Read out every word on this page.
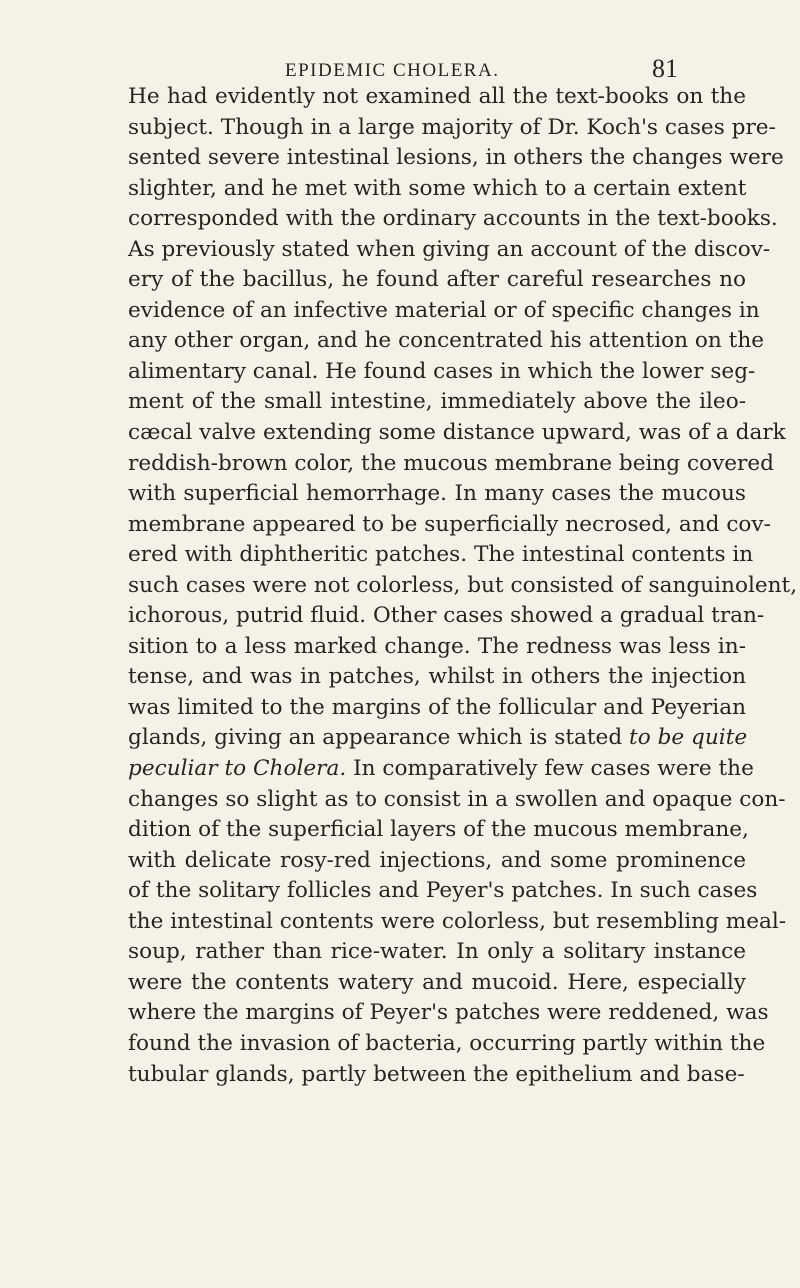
EPIDEMIC CHOLERA.	81
He had evidently not examined all the text-books on the
subject. Though in a large majority of Dr. Koch's cases pre-
sented severe intestinal lesions, in others the changes were
slighter, and he met with some which to a certain extent
corresponded with the ordinary accounts in the text-books.
As previously stated when giving an account of the discov-
ery of the bacillus, he found after careful researches no
evidence of an infective material or of specific changes in
any other organ, and he concentrated his attention on the
alimentary canal. He found cases in which the lower seg-
ment of the small intestine, immediately above the ileo-
cæcal valve extending some distance upward, was of a dark
reddish-brown color, the mucous membrane being covered
with superficial hemorrhage. In many cases the mucous
membrane appeared to be superficially necrosed, and cov-
ered with diphtheritic patches. The intestinal contents in
such cases were not colorless, but consisted of sanguinolent,
ichorous, putrid fluid. Other cases showed a gradual tran-
sition to a less marked change. The redness was less in-
tense, and was in patches, whilst in others the injection
was limited to the margins of the follicular and Peyerian
glands, giving an appearance which is stated to be quite
peculiar to Cholera. In comparatively few cases were the
changes so slight as to consist in a swollen and opaque con-
dition of the superficial layers of the mucous membrane,
with delicate rosy-red injections, and some prominence
of the solitary follicles and Peyer's patches. In such cases
the intestinal contents were colorless, but resembling meal-
soup, rather than rice-water. In only a solitary instance
were the contents watery and mucoid. Here, especially
where the margins of Peyer's patches were reddened, was
found the invasion of bacteria, occurring partly within the
tubular glands, partly between the epithelium and base-
